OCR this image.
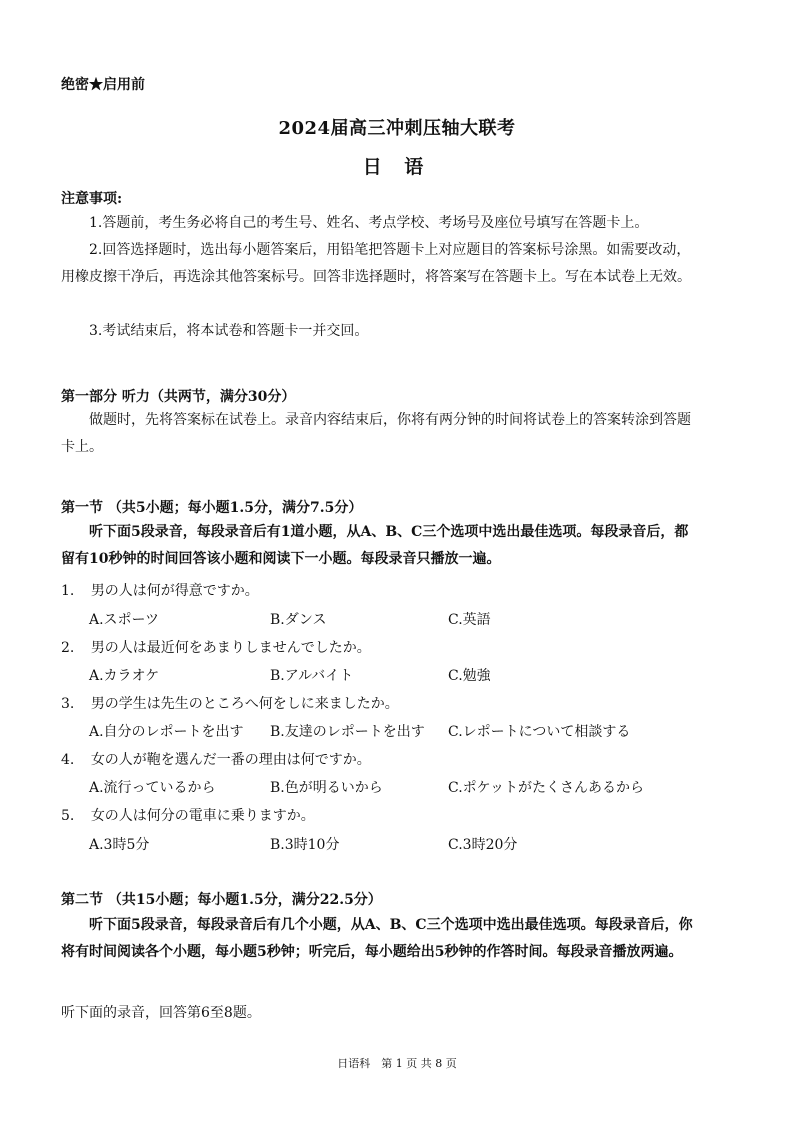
绝密★启用前
2024届高三冲刺压轴大联考
日 语
注意事项:
1.答题前，考生务必将自己的考生号、姓名、考点学校、考场号及座位号填写在答题卡上。
2.回答选择题时，选出每小题答案后，用铅笔把答题卡上对应题目的答案标号涂黑。如需要改动，用橡皮擦干净后，再选涂其他答案标号。回答非选择题时，将答案写在答题卡上。写在本试卷上无效。
3.考试结束后，将本试卷和答题卡一并交回。
第一部分 听力（共两节，满分30分）
做题时，先将答案标在试卷上。录音内容结束后，你将有两分钟的时间将试卷上的答案转涂到答题卡上。
第一节 （共5小题；每小题1.5分，满分7.5分）
听下面5段录音，每段录音后有1道小题，从A、B、C三个选项中选出最佳选项。每段录音后，都留有10秒钟的时间回答该小题和阅读下一小题。每段录音只播放一遍。
1. 男の人は何が得意ですか。
A.スポーツ	B.ダンス	C.英語
2. 男の人は最近何をあまりしませんでしたか。
A.カラオケ	B.アルバイト	C.勉強
3. 男の学生は先生のところへ何をしに来ましたか。
A.自分のレポートを出す B.友達のレポートを出す C.レポートについて相談する
4. 女の人が鞄を選んだ一番の理由は何ですか。
A.流行っているから	B.色が明るいから	C.ポケットがたくさんあるから
5. 女の人は何分の電車に乗りますか。
A.3時5分	B.3時10分	C.3時20分
第二节 （共15小题；每小题1.5分，满分22.5分）
听下面5段录音，每段录音后有几个小题，从A、B、C三个选项中选出最佳选项。每段录音后，你将有时间阅读各个小题，每小题5秒钟；听完后，每小题给出5秒钟的作答时间。每段录音播放两遍。
听下面的录音，回答第6至8题。
日语科　第 1 页 共 8 页
